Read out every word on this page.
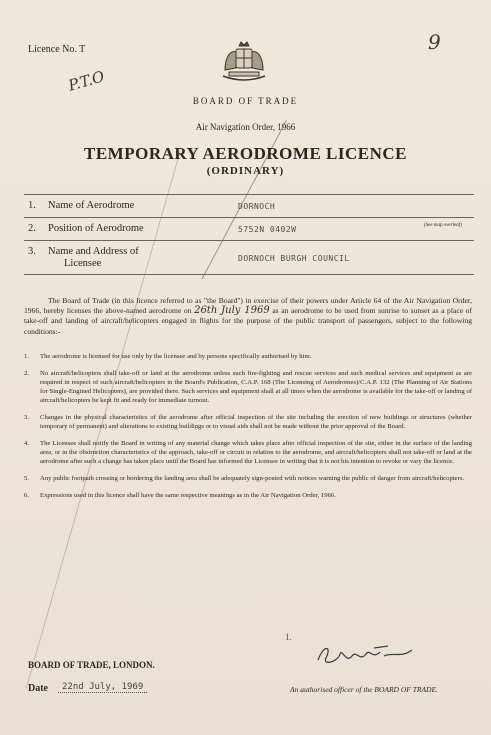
Licence No. T
P.T.O
9
BOARD OF TRADE
Air Navigation Order, 1966
TEMPORARY AERODROME LICENCE
(ORDINARY)
1. Name of Aerodrome	DORNOCH
2. Position of Aerodrome	5752N 0402W	(See map overleaf)
3. Name and Address of
Licensee	DORNOCH BURGH COUNCIL
The Board of Trade (in this licence referred to as "the Board") in exercise of their powers under Article 64 of the Air Navigation Order, 1966, hereby licenses the above-named aerodrome on 26th July 1969 as an aerodrome to be used from sunrise to sunset as a place of take-off and landing of aircraft/helicopters engaged in flights for the purpose of the public transport of passengers, subject to the following conditions:-
1. The aerodrome is licensed for use only by the licensee and by persons specifically authorised by him.
2. No aircraft/helicopters shall take-off or land at the aerodrome unless such fire-fighting and rescue services and such medical services and equipment as are required in respect of such aircraft/helicopters in the Board's Publication, C.A.P. 168 (The Licensing of Aerodromes)/C.A.P. 132 (The Planning of Air Stations for Single-Engined Helicopters), are provided there. Such services and equipment shall at all times when the aerodrome is available for the take-off or landing of aircraft/helicopters be kept fit and ready for immediate turnout.
3. Changes in the physical characteristics of the aerodrome after official inspection of the site including the erection of new buildings or structures (whether temporary of permanent) and alterations to existing buildings or to visual aids shall not be made without the prior approval of the Board.
4. The Licensee shall notify the Board in writing of any material change which takes place after official inspection of the site, either in the surface of the landing area, or in the obstruction characteristics of the approach, take-off or circuit in relation to the aerodrome, and aircraft/helicopters shall not take-off or land at the aerodrome after such a change has taken place until the Board has informed the Licensee in writing that it is not his intention to revoke or vary the licence.
5. Any public footpath crossing or bordering the landing area shall be adequately sign-posted with notices warning the public of danger from aircraft/helicopters.
6. Expressions used in this licence shall have the same respective meanings as in the Air Navigation Order, 1966.
1.
BOARD OF TRADE, LONDON.
Date	22nd July, 1969	An authorised officer of the BOARD OF TRADE.
